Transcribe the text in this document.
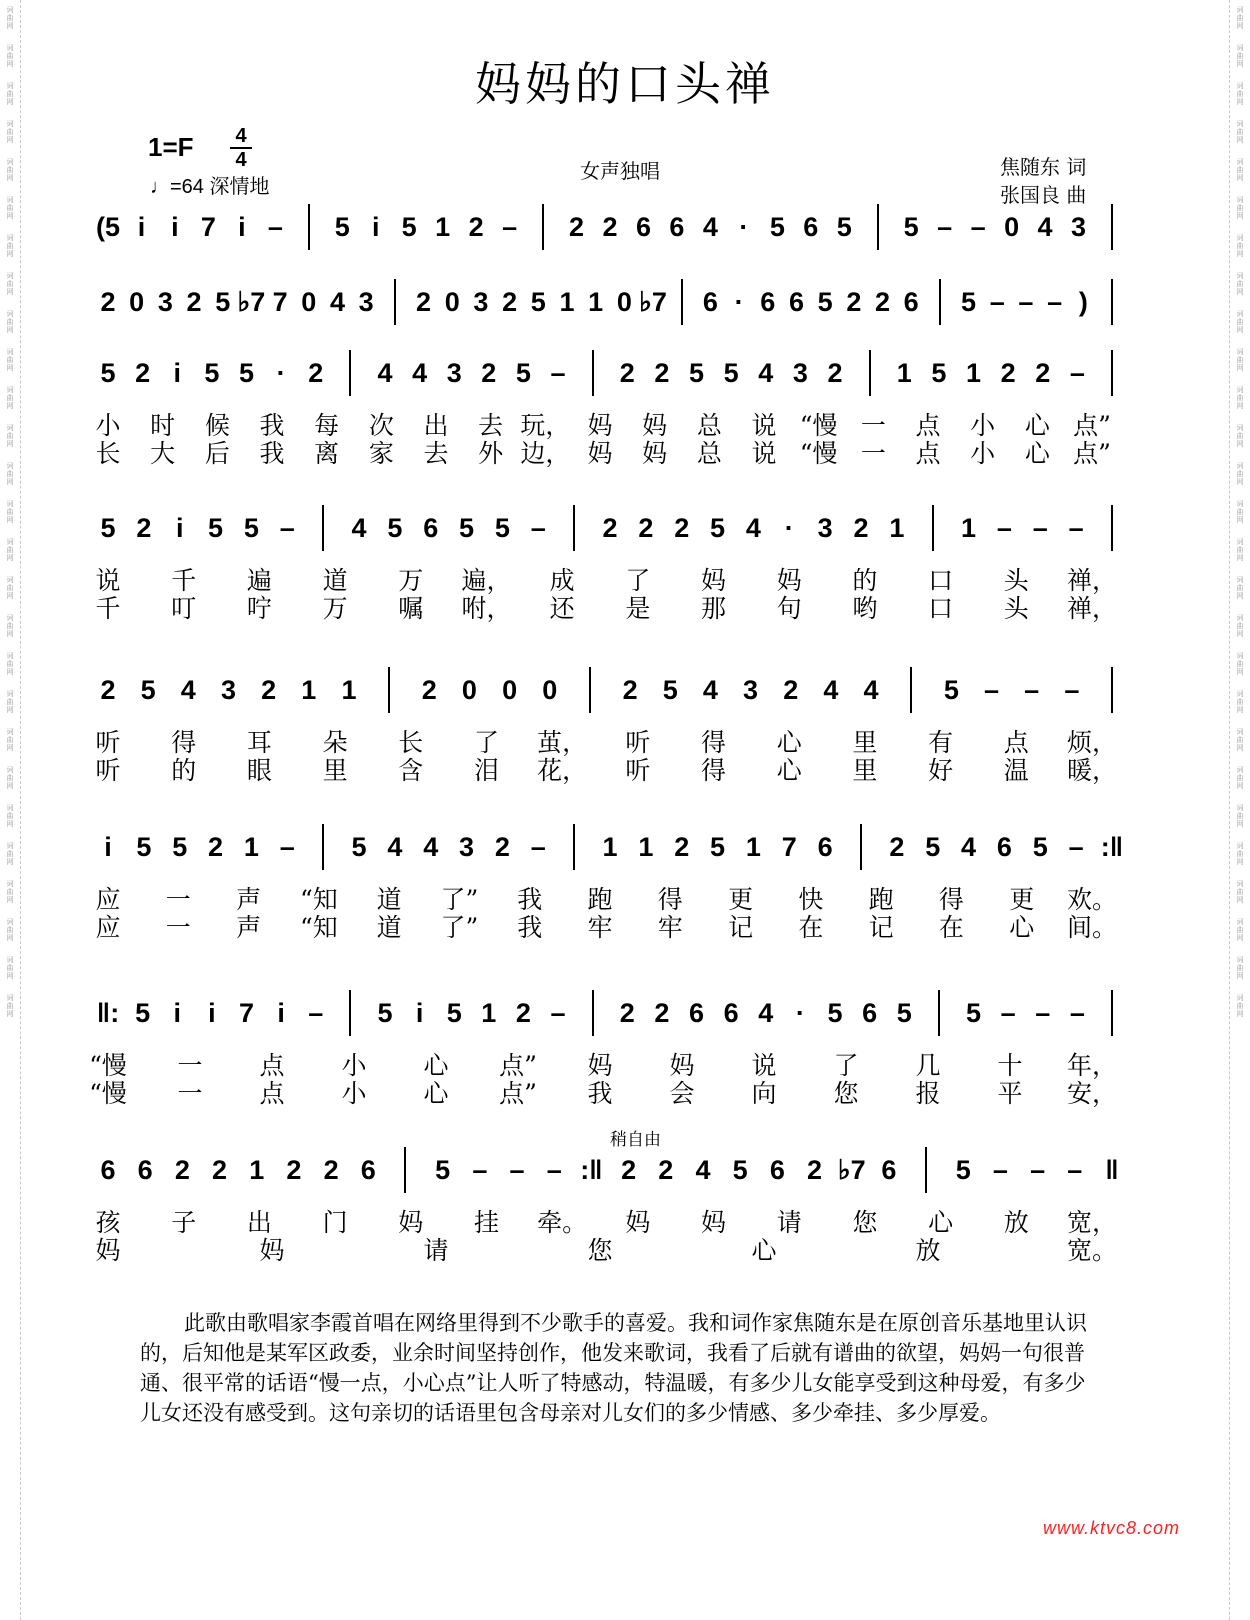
词
曲
网
词
曲
网
词
曲
网
词
曲
网
词
曲
网
词
曲
网
词
曲
网
词
曲
网
词
曲
网
词
曲
网
词
曲
网
词
曲
网
词
曲
网
词
曲
网
词
曲
网
词
曲
网
词
曲
网
词
曲
网
词
曲
网
词
曲
网
词
曲
网
词
曲
网
词
曲
网
词
曲
网
词
曲
网
词
曲
网
词
曲
网
词
曲
网
词
曲
网
词
曲
网
词
曲
网
词
曲
网
词
曲
网
词
曲
网
词
曲
网
词
曲
网
词
曲
网
词
曲
网
词
曲
网
词
曲
网
词
曲
网
词
曲
网
词
曲
网
词
曲
网
词
曲
网
词
曲
网
词
曲
网
词
曲
网
词
曲
网
词
曲
网
词
曲
网
词
曲
网
词
曲
网
词
曲
网
妈妈的口头禅
1=F 4
4
♩=64 深情地
女声独唱	焦随东 词
张国良 曲
(5 i i 7 i – 5 i 5 1 2 – 2 2 6 6 4 · 5 6 5 5 – – 0 4 3
2 0 3 2 5 ♭7 7 0 4 3 2 0 3 2 5 1 1 0 ♭7 6 · 6 6 5 2 2 6 5 – – – )
5 2 i 5 5 · 2 4 4 3 2 5 – 2 2 5 5 4 3 2 1 5 1 2 2 –
小 时 候 我 每 次 出 去 玩， 妈 妈 总 说 “慢 一 点 小 心 点”
长 大 后 我 离 家 去 外 边， 妈 妈 总 说 “慢 一 点 小 心 点”
5 2 i 5 5 – 4 5 6 5 5 – 2 2 2 5 4 · 3 2 1 1 – – –
说 千 遍 道 万 遍， 成 了 妈 妈 的 口 头 禅，
千 叮 咛 万 嘱 咐， 还 是 那 句 哟 口 头 禅，
2 5 4 3 2 1 1 2 0 0 0 2 5 4 3 2 4 4 5 – – –
听 得 耳 朵 长 了 茧， 听 得 心 里 有 点 烦，
听 的 眼 里 含 泪 花， 听 得 心 里 好 温 暖，
i 5 5 2 1 – 5 4 4 3 2 – 1 1 2 5 1 7 6 2 5 4 6 5 – :‖
应 一 声 “知 道 了” 我 跑 得 更 快 跑 得 更 欢。
应 一 声 “知 道 了” 我 牢 牢 记 在 记 在 心 间。
‖: 5 i i 7 i – 5 i 5 1 2 – 2 2 6 6 4 · 5 6 5 5 – – –
“慢 一 点 小 心 点” 妈 妈 说 了 几 十 年，
“慢 一 点 小 心 点” 我 会 向 您 报 平 安，
6 6 2 2 1 2 2 6 5 – – – :‖ 2 2 4 5 6 2 ♭7 6 5 – – – ‖
稍自由
孩 子 出 门 妈 挂 牵。 妈 妈 请 您 心 放 宽，
妈	妈	请	您	心	放	宽。
此歌由歌唱家李霞首唱在网络里得到不少歌手的喜爱。我和词作家焦随东是在原创音乐基地里认识的，后知他是某军区政委，业余时间坚持创作，他发来歌词，我看了后就有谱曲的欲望，妈妈一句很普通、很平常的话语“慢一点，小心点”让人听了特感动，特温暖，有多少儿女能享受到这种母爱，有多少儿女还没有感受到。这句亲切的话语里包含母亲对儿女们的多少情感、多少牵挂、多少厚爱。
www.ktvc8.com
